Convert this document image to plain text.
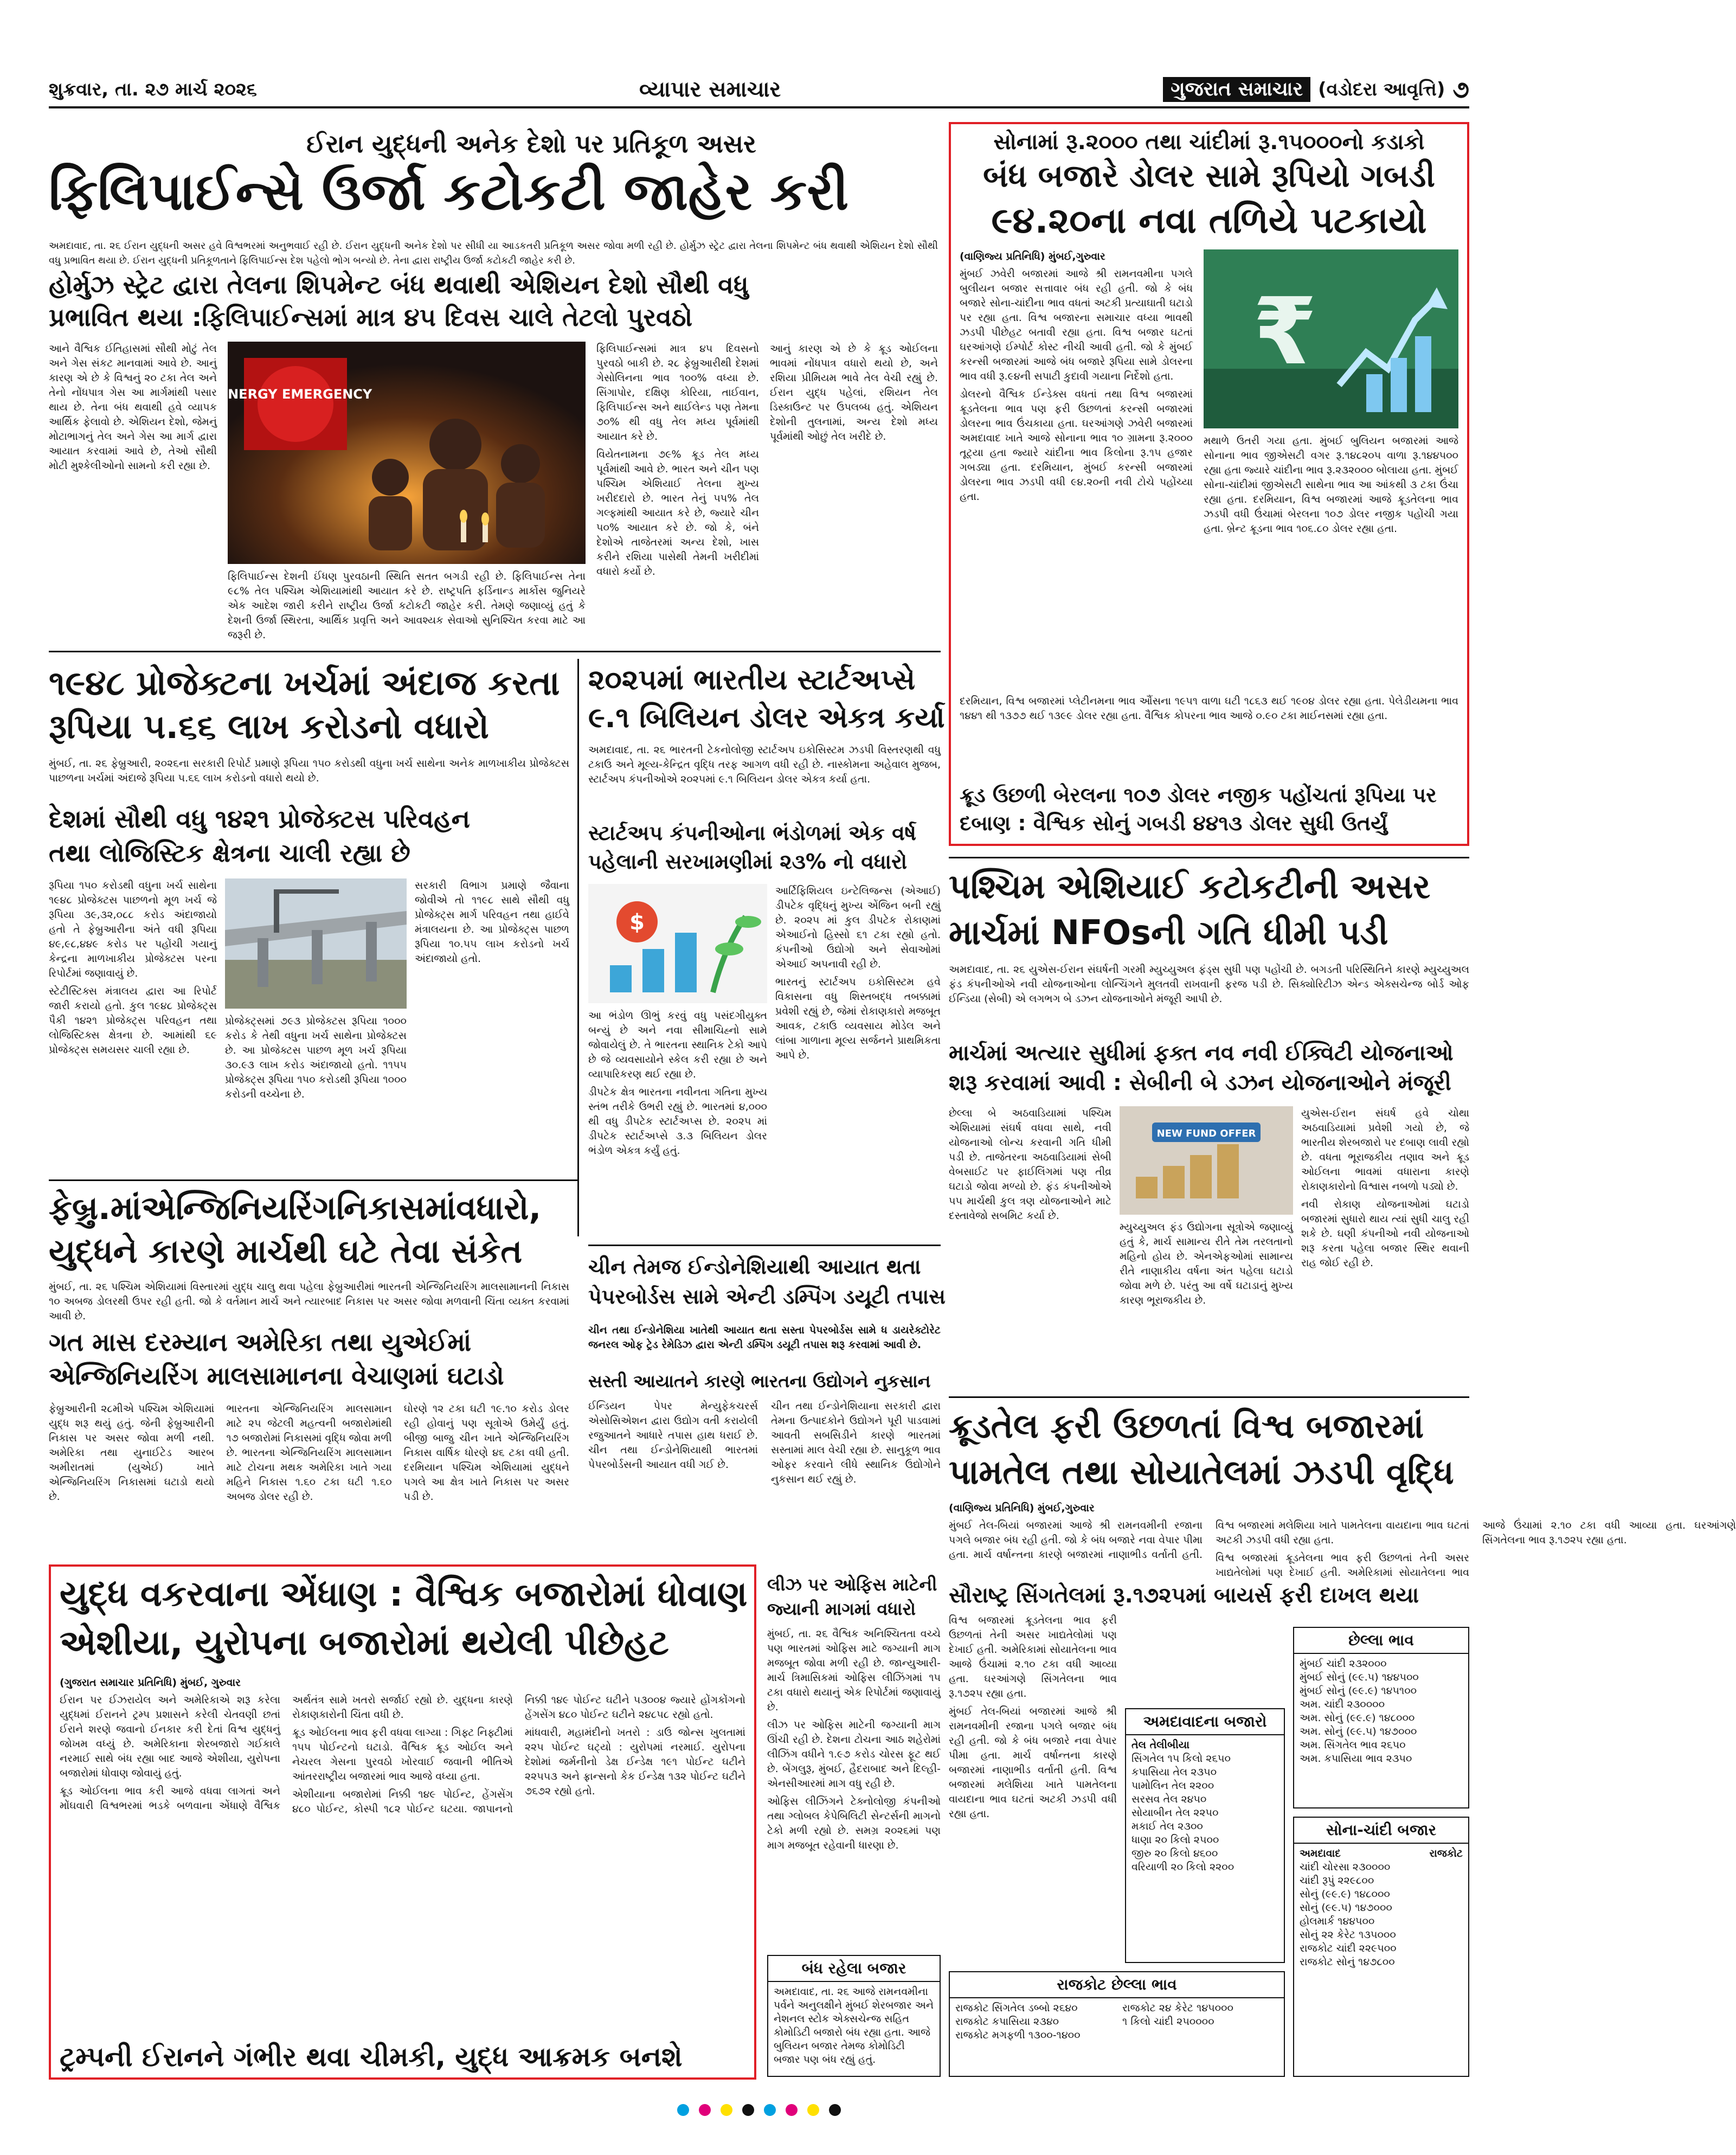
શુક્રવાર, તા. ૨૭ માર્ચ ૨૦૨૬	વ્યાપાર સમાચાર	ગુજરાત સમાચાર (વડોદરા આવૃત્તિ) ૭
ઈરાન યુદ્ધની અનેક દેશો પર પ્રતિકૂળ અસર
ફિલિપાઈન્સે ઉર્જા કટોકટી જાહેર કરી
અમદાવાદ, તા. ૨૬ ઈરાન યુદ્ધની અસર હવે વિશ્વભરમાં અનુભવાઈ રહી છે. ઈરાન યુદ્ધની અનેક દેશો પર સીધી યા આડકતરી પ્રતિકૂળ અસર જોવા મળી રહી છે. હોર્મુઝ સ્ટ્રેટ દ્વારા તેલના શિપમેન્ટ બંધ થવાથી એશિયન દેશો સૌથી વધુ પ્રભાવિત થયા છે. ઈરાન યુદ્ધની પ્રતિકૂળતાને ફિલિપાઈન્સ દેશ પહેલો ભોગ બન્યો છે. તેના દ્વારા રાષ્ટ્રીય ઉર્જા કટોકટી જાહેર કરી છે.
હોર્મુઝ સ્ટ્રેટ દ્વારા તેલના શિપમેન્ટ બંધ થવાથી એશિયન દેશો સૌથી વધુ
પ્રભાવિત થયા :ફિલિપાઈન્સમાં માત્ર ૪૫ દિવસ ચાલે તેટલો પુરવઠો

આને વૈશ્વિક ઈતિહાસમાં સૌથી મોટું તેલ અને ગેસ સંકટ માનવામાં આવે છે. આનું કારણ એ છે કે વિશ્વનું ૨૦ ટકા તેલ અને તેનો નોંધપાત્ર ગેસ આ માર્ગમાંથી પસાર થાય છે. તેના બંધ થવાથી હવે વ્યાપક આર્થિક ફેલાવો છે. એશિયન દેશો, જેમનું મોટાભાગનું તેલ અને ગેસ આ માર્ગ દ્વારા આયાત કરવામાં આવે છે, તેઓ સૌથી મોટી મુશ્કેલીઓનો સામનો કરી રહ્યા છે.

ENERGY EMERGENCY

ફિલિપાઈન્સ દેશની ઈંધણ પુરવઠાની સ્થિતિ સતત બગડી રહી છે. ફિલિપાઈન્સ તેના ૯૮% તેલ પશ્ચિમ એશિયામાંથી આયાત કરે છે. રાષ્ટ્રપતિ ફર્ડિનાન્ડ માર્કોસ જુનિયરે એક આદેશ જારી કરીને રાષ્ટ્રીય ઉર્જા કટોકટી જાહેર કરી. તેમણે જણાવ્યું હતું કે દેશની ઉર્જા સ્થિરતા, આર્થિક પ્રવૃત્તિ અને આવશ્યક સેવાઓ સુનિશ્ચિત કરવા માટે આ જરૂરી છે.

ફિલિપાઈન્સમાં માત્ર ૪૫ દિવસનો પુરવઠો બાકી છે. ૨૮ ફેબ્રુઆરીથી દેશમાં ગેસોલિનના ભાવ ૧૦૦% વધ્યા છે. સિંગાપોર, દક્ષિણ કોરિયા, તાઈવાન, ફિલિપાઈન્સ અને થાઈલેન્ડ પણ તેમના ૭૦% થી વધુ તેલ મધ્ય પૂર્વમાંથી આયાત કરે છે.

વિયેતનામના ૭૯% ક્રૂડ તેલ મધ્ય પૂર્વમાંથી આવે છે. ભારત અને ચીન પણ પશ્ચિમ એશિયાઈ તેલના મુખ્ય ખરીદદારો છે. ભારત તેનું ૫૫% તેલ ગલ્ફમાંથી આયાત કરે છે, જ્યારે ચીન ૫૦% આયાત કરે છે. જો કે, બંને દેશોએ તાજેતરમાં અન્ય દેશો, ખાસ કરીને રશિયા પાસેથી તેમની ખરીદીમાં વધારો કર્યો છે.

આનું કારણ એ છે કે ક્રૂડ ઓઈલના ભાવમાં નોંધપાત્ર વધારો થયો છે, અને રશિયા પ્રીમિયમ ભાવે તેલ વેચી રહ્યું છે. ઈરાન યુદ્ધ પહેલાં, રશિયન તેલ ડિસ્કાઉન્ટ પર ઉપલબ્ધ હતું. એશિયન દેશોની તુલનામાં, અન્ય દેશો મધ્ય પૂર્વમાંથી ઓછું તેલ ખરીદે છે.

સોનામાં રૂ.૨૦૦૦ તથા ચાંદીમાં રૂ.૧૫૦૦૦નો કડાકો
બંધ બજારે ડોલર સામે રૂપિયો ગબડી
૯૪.૨૦ના નવા તળિયે પટકાયો
(વાણિજ્ય પ્રતિનિધિ) મુંબઈ,ગુરુવાર

મુંબઈ ઝવેરી બજારમાં આજે શ્રી રામનવમીના પગલે બુલીયન બજાર સત્તાવાર બંધ રહી હતી. જો કે બંધ બજારે સોના-ચાંદીના ભાવ વધતાં અટકી પ્રત્યાઘાતી ઘટાડો પર રહ્યા હતા. વિશ્વ બજારના સમાચાર વધ્યા ભાવથી ઝડપી પીછેહટ બતાવી રહ્યા હતા. વિશ્વ બજાર ઘટતાં ઘરઆંગણે ઈમ્પોર્ટ કોસ્ટ નીચી આવી હતી. જો કે મુંબઈ કરન્સી બજારમાં આજે બંધ બજારે રૂપિયા સામે ડોલરના ભાવ વધી રૂ.૯૪ની સપાટી કુદાવી ગયાના નિર્દેશો હતા.

ડોલરનો વૈશ્વિક ઈન્ડેક્સ વધતાં તથા વિશ્વ બજારમાં ક્રૂડતેલના ભાવ પણ ફરી ઉછળતાં કરન્સી બજારમાં ડોલરના ભાવ ઉંચકાયા હતા. ઘરઆંગણે ઝવેરી બજારમાં અમદાવાદ ખાતે આજે સોનાના ભાવ ૧૦ ગ્રામના રૂ.૨૦૦૦ તૂટ્યા હતા જ્યારે ચાંદીના ભાવ કિલોના રૂ.૧૫ હજાર ગબડ્યા હતા. દરમિયાન, મુંબઈ કરન્સી બજારમાં ડોલરના ભાવ ઝડપી વધી ૯૪.૨૦ની નવી ટોચે પહોંચ્યા હતા.

₹

મથાળે ઉતરી ગયા હતા. મુંબઈ બુલિયન બજારમાં આજે સોનાના ભાવ જીએસટી વગર રૂ.૧૪૮૨૦૫ વાળા રૂ.૧૪૪૫૦૦ રહ્યા હતા જ્યારે ચાંદીના ભાવ રૂ.૨૩૨૦૦૦ બોલાયા હતા. મુંબઈ સોના-ચાંદીમાં જીએસટી સાથેના ભાવ આ આંકથી ૩ ટકા ઉંચા રહ્યા હતા. દરમિયાન, વિશ્વ બજારમાં આજે ક્રૂડતેલના ભાવ ઝડપી વધી ઉંચામાં બેરલના ૧૦૭ ડોલર નજીક પહોંચી ગયા હતા. બ્રેન્ટ ક્રૂડના ભાવ ૧૦૬.૮૦ ડોલર રહ્યા હતા.

દરમિયાન, વિશ્વ બજારમાં પ્લેટીનમના ભાવ ઔંસના ૧૯૫૧ વાળા ઘટી ૧૮૬૩ થઈ ૧૯૦૪ ડોલર રહ્યા હતા. પેલેડીયમના ભાવ ૧૪૪૧ થી ૧૩૭૭ થઈ ૧૩૯૯ ડોલર રહ્યા હતા. વૈશ્વિક કોપરના ભાવ આજે ૦.૯૦ ટકા માઈનસમાં રહ્યા હતા.

ક્રૂડ ઉછળી બેરલના ૧૦૭ ડોલર નજીક પહોંચતાં રૂપિયા પર
દબાણ : વૈશ્વિક સોનું ગબડી ૪૪૧૩ ડોલર સુધી ઉતર્યું
૧૯૪૮ પ્રોજેક્ટના ખર્ચમાં અંદાજ કરતા
રૂપિયા ૫.૬૬ લાખ કરોડનો વધારો
મુંબઈ, તા. ૨૬ ફેબ્રુઆરી, ૨૦૨૬ના સરકારી રિપોર્ટ પ્રમાણે રૂપિયા ૧૫૦ કરોડથી વધુના ખર્ચ સાથેના અનેક માળખાકીય પ્રોજેક્ટસ પાછળના ખર્ચમાં અંદાજે રૂપિયા ૫.૬૬ લાખ કરોડનો વધારો થયો છે.
દેશમાં સૌથી વધુ ૧૪૨૧ પ્રોજેક્ટસ પરિવહન
તથા લોજિસ્ટિક ક્ષેત્રના ચાલી રહ્યા છે

રૂપિયા ૧૫૦ કરોડથી વધુના ખર્ચ સાથેના ૧૯૪૮ પ્રોજેક્ટસ પાછળનો મૂળ ખર્ચ જે રૂપિયા ૩૯,૩૨,૦૮૮ કરોડ અંદાજાયો હતો તે ફેબ્રુઆરીના અંતે વધી રૂપિયા ૪૯,૯૮,૪૪૯ કરોડ પર પહોંચી ગયાનું કેન્દ્રના માળખાકીય પ્રોજેક્ટસ પરના રિપોર્ટમાં જણાવાયું છે.

સ્ટેટીસ્ટિક્સ મંત્રાલય દ્વારા આ રિપોર્ટ જારી કરાયો હતો. કુલ ૧૯૪૮ પ્રોજેક્ટ્સ પૈકી ૧૪૨૧ પ્રોજેક્ટ્સ પરિવહન તથા લોજિસ્ટિક્સ ક્ષેત્રના છે. આમાંથી ૬૯ પ્રોજેક્ટ્સ સમયસર ચાલી રહ્યા છે.

પ્રોજેક્ટ્સમાં ૭૯૩ પ્રોજેક્ટસ રૂપિયા ૧૦૦૦ કરોડ કે તેથી વધુના ખર્ચ સાથેના પ્રોજેક્ટસ છે. આ પ્રોજેક્ટસ પાછળ મૂળ ખર્ચ રૂપિયા ૩૦.૯૩ લાખ કરોડ અંદાજાયો હતો. ૧૧૫૫ પ્રોજેક્ટ્સ રૂપિયા ૧૫૦ કરોડથી રૂપિયા ૧૦૦૦ કરોડની વચ્ચેના છે.

સરકારી વિભાગ પ્રમાણે જૈવાના જોવીએ તો ૧૧૯૮ સાથે સૌથી વધુ પ્રોજેક્ટ્સ માર્ગ પરિવહન તથા હાઈવે મંત્રાલયના છે. આ પ્રોજેક્ટ્સ પાછળ રૂપિયા ૧૦.૫૫ લાખ કરોડનો ખર્ચ અંદાજાયો હતો.

૨૦૨૫માં ભારતીય સ્ટાર્ટઅપ્સે
૯.૧ બિલિયન ડોલર એકત્ર કર્યા
અમદાવાદ, તા. ૨૬ ભારતની ટેકનોલોજી સ્ટાર્ટઅપ ઇકોસિસ્ટમ ઝડપી વિસ્તરણથી વધુ ટકાઉ અને મૂલ્ય-કેન્દ્રિત વૃદ્ધિ તરફ આગળ વધી રહી છે. નાસ્કોમના અહેવાલ મુજબ, સ્ટાર્ટઅપ કંપનીઓએ ૨૦૨૫માં ૯.૧ બિલિયન ડોલર એકત્ર કર્યા હતા.
સ્ટાર્ટઅપ કંપનીઓના ભંડોળમાં એક વર્ષ
પહેલાની સરખામણીમાં ૨૩% નો વધારો
$

આ ભંડોળ ઊભું કરવું વધુ પસંદગીયુક્ત બન્યું છે અને નવા સીમાચિહ્નો સામે જોવાયેલું છે. તે ભારતના સ્થાનિક ટેકો આપે છે જે વ્યવસાયોને સ્કેલ કરી રહ્યા છે અને વ્યાપારિકરણ થઈ રહ્યા છે.

ડીપટેક ક્ષેત્ર ભારતના નવીનતા ગતિના મુખ્ય સ્તંભ તરીકે ઉભરી રહ્યું છે. ભારતમાં ૪,૦૦૦ થી વધુ ડીપટેક સ્ટાર્ટઅપ્સ છે. ૨૦૨૫ માં ડીપટેક સ્ટાર્ટઅપ્સે ૩.૩ બિલિયન ડોલર ભંડોળ એકત્ર કર્યું હતું.

આર્ટિફિશિયલ ઇન્ટેલિજન્સ (એઆઈ) ડીપટેક વૃદ્ધિનું મુખ્ય એંજિન બની રહ્યું છે. ૨૦૨૫ માં કુલ ડીપટેક રોકાણમાં એઆઈનો હિસ્સો ૬૧ ટકા રહ્યો હતો. કંપનીઓ ઉદ્યોગો અને સેવાઓમાં એઆઈ અપનાવી રહી છે.

ભારતનું સ્ટાર્ટઅપ ઇકોસિસ્ટમ હવે વિકાસના વધુ શિસ્તબદ્ધ તબક્કામાં પ્રવેશી રહ્યું છે, જેમાં રોકાણકારો મજબૂત આવક, ટકાઉ વ્યવસાય મોડેલ અને લાંબા ગાળાના મૂલ્ય સર્જનને પ્રાથમિકતા આપે છે.

પશ્ચિમ એશિયાઈ કટોકટીની અસર
માર્ચમાં NFOsની ગતિ ધીમી પડી
અમદાવાદ, તા. ૨૬ યુએસ-ઈરાન સંઘર્ષની ગરમી મ્યુચ્યુઅલ ફંડ્સ સુધી પણ પહોંચી છે. બગડતી પરિસ્થિતિને કારણે મ્યુચ્યુઅલ ફંડ કંપનીઓએ નવી યોજનાઓના લોન્ચિંગને મુલતવી રાખવાની ફરજ પડી છે. સિક્યોરિટીઝ એન્ડ એક્સચેન્જ બોર્ડ ઓફ ઈન્ડિયા (સેબી) એ લગભગ બે ડઝન યોજનાઓને મંજૂરી આપી છે.
માર્ચમાં અત્યાર સુધીમાં ફક્ત નવ નવી ઈક્વિટી યોજનાઓ
શરૂ કરવામાં આવી : સેબીની બે ડઝન યોજનાઓને મંજૂરી

છેલ્લા બે અઠવાડિયામાં પશ્ચિમ એશિયામાં સંઘર્ષ વધવા સાથે, નવી યોજનાઓ લોન્ચ કરવાની ગતિ ધીમી પડી છે. તાજેતરના અઠવાડિયામાં સેબી વેબસાઈટ પર ફાઈલિંગમાં પણ તીવ્ર ઘટાડો જોવા મળ્યો છે. ફંડ કંપનીઓએ ૫૫ માર્ચથી કુલ ત્રણ યોજનાઓને માટે દસ્તાવેજો સબમિટ કર્યા છે.

NEW FUND OFFER

મ્યુચ્યુઅલ ફંડ ઉદ્યોગના સૂત્રોએ જણાવ્યું હતું કે, માર્ચ સામાન્ય રીતે તેમ તરલતાનો મહિનો હોય છે. એનએફઓમાં સામાન્ય રીતે નાણાકીય વર્ષના અંત પહેલા ઘટાડો જોવા મળે છે. પરંતુ આ વર્ષે ઘટાડાનું મુખ્ય કારણ ભૂરાજકીય છે.

યુએસ-ઈરાન સંઘર્ષ હવે ચોથા અઠવાડિયામાં પ્રવેશી ગયો છે, જે ભારતીય શેરબજારો પર દબાણ લાવી રહ્યો છે. વધતા ભૂરાજકીય તણાવ અને ક્રૂડ ઓઈલના ભાવમાં વધારાના કારણે રોકાણકારોનો વિશ્વાસ નબળો પડ્યો છે.

નવી રોકાણ યોજનાઓમાં ઘટાડો બજારમાં સુધારો થાય ત્યાં સુધી ચાલુ રહી શકે છે. ઘણી કંપનીઓ નવી યોજનાઓ શરૂ કરતા પહેલા બજાર સ્થિર થવાની રાહ જોઈ રહી છે.

ફેબ્રુ.માંએન્જિનિયરિંગનિકાસમાંવધારો,
યુદ્ધને કારણે માર્ચથી ઘટે તેવા સંકેત
મુંબઈ, તા. ૨૬ પશ્ચિમ એશિયામાં વિસ્તારમાં યુદ્ધ ચાલુ થવા પહેલા ફેબ્રુઆરીમાં ભારતની એન્જિનિયરિંગ માલસામાનની નિકાસ ૧૦ અબજ ડોલરથી ઉપર રહી હતી. જો કે વર્તમાન માર્ચ અને ત્યારબાદ નિકાસ પર અસર જોવા મળવાની ચિંતા વ્યક્ત કરવામાં આવી છે.
ગત માસ દરમ્યાન અમેરિકા તથા યુએઈમાં
એન્જિનિયરિંગ માલસામાનના વેચાણમાં ઘટાડો

ફેબ્રુઆરીની ૨૮મીએ પશ્ચિમ એશિયામાં યુદ્ધ શરૂ થયું હતું. જેની ફેબ્રુઆરીની નિકાસ પર અસર જોવા મળી નથી. અમેરિકા તથા યુનાઈટેડ આરબ અમીરાતમાં (યુએઈ) ખાતે એન્જિનિયરિંગ નિકાસમાં ઘટાડો થયો છે.

ભારતના એન્જિનિયરિંગ માલસામાન માટે ૨૫ જેટલી મહત્વની બજારોમાંથી ૧૭ બજારોમાં નિકાસમાં વૃદ્ધિ જોવા મળી છે. ભારતના એન્જિનિયરિંગ માલસામાન માટે ટોચના મથક અમેરિકા ખાતે ગયા મહિને નિકાસ ૧.૬૦ ટકા ઘટી ૧.૬૦ અબજ ડોલર રહી છે.

ઘોરણે ૧૨ ટકા ઘટી ૧૯.૧૦ કરોડ ડોલર રહી હોવાનું પણ સૂત્રોએ ઉમેર્યું હતું. બીજી બાજુ ચીન ખાતે એન્જિનિયરિંગ નિકાસ વાર્ષિક ધોરણે ૪૬ ટકા વધી હતી. દરમિયાન પશ્ચિમ એશિયામાં યુદ્ધને પગલે આ ક્ષેત્ર ખાતે નિકાસ પર અસર પડી છે.

ચીન તેમજ ઈન્ડોનેશિયાથી આયાત થતા
પેપરબોર્ડસ સામે એન્ટી ડમ્પિંગ ડયૂટી તપાસ
ચીન તથા ઈન્ડોનેશિયા ખાતેથી આયાત થતા સસ્તા પેપરબોર્ડસ સામે ધ ડાયરેક્ટોરેટ જનરલ ઓફ ટ્રેડ રેમેડિઝ દ્વારા એન્ટી ડમ્પિંગ ડયૂટી તપાસ શરૂ કરવામાં આવી છે.
સસ્તી આયાતને કારણે ભારતના ઉદ્યોગને નુકસાન

ઈન્ડિયન પેપર મેન્યુફેકચરર્સ એસોસિએશન દ્વારા ઉદ્યોગ વતી કરાયેલી રજુઆતને આધારે તપાસ હાથ ધરાઈ છે. ચીન તથા ઈન્ડોનેશિયાથી ભારતમાં પેપરબોર્ડસની આયાત વધી ગઈ છે.

ચીન તથા ઈન્ડોનેશિયાના સરકારી દ્વારા તેમના ઉત્પાદકોને ઉદ્યોગને પૂરી પાડવામાં આવતી સબસિડીને કારણે ભારતમાં સસ્તામાં માલ વેચી રહ્યા છે. સાનુકૂળ ભાવ ઓફર કરવાને લીધે સ્થાનિક ઉદ્યોગોને નુકસાન થઈ રહ્યું છે.

ક્રૂડતેલ ફરી ઉછળતાં વિશ્વ બજારમાં
પામતેલ તથા સોયાતેલમાં ઝડપી વૃદ્ધિ
(વાણિજ્ય પ્રતિનિધિ) મુંબઈ,ગુરુવાર

મુંબઈ તેલ-બિયાં બજારમાં આજે શ્રી રામનવમીની રજાના પગલે બજાર બંધ રહી હતી. જો કે બંધ બજારે નવા વેપાર પીમા હતા. માર્ચ વર્ષાન્તના કારણે બજારમાં નાણાભીડ વર્તાતી હતી. વિશ્વ બજારમાં મલેશિયા ખાતે પામતેલના વાયદાના ભાવ ઘટતાં અટકી ઝડપી વધી રહ્યા હતા.

વિશ્વ બજારમાં ક્રૂડતેલના ભાવ ફરી ઉછળતાં તેની અસર ખાદ્યતેલોમાં પણ દેખાઈ હતી. અમેરિકામાં સોયાતેલના ભાવ આજે ઉંચામાં ૨.૧૦ ટકા વધી આવ્યા હતા. ઘરઆંગણે સિંગતેલના ભાવ રૂ.૧૭૨૫ રહ્યા હતા.

સૌરાષ્ટ્ર સિંગતેલમાં રૂ.૧૭૨૫માં બાયર્સ ફરી દાખલ થયા
યુદ્ધ વકરવાના એંધાણ : વૈશ્વિક બજારોમાં ધોવાણ
એશીયા, યુરોપના બજારોમાં થયેલી પીછેહટ
(ગુજરાત સમાચાર પ્રતિનિધિ) મુંબઈ, ગુરુવાર

ઈરાન પર ઈઝરાયેલ અને અમેરિકાએ શરૂ કરેલા યુદ્ધમાં ઈરાનને ટ્રમ્પ પ્રશાસને કરેલી ચેતવણી છતાં ઈરાને શરણે જવાનો ઈનકાર કરી દેતાં વિશ્વ યુદ્ધનું જોખમ વધ્યું છે. અમેરિકાના શેરબજારો ગઈકાલે નરમાઈ સાથે બંધ રહ્યા બાદ આજે એશીયા, યુરોપના બજારોમાં ધોવાણ જોવાયું હતું.

ક્રૂડ ઓઈલના ભાવ કરી આજે વધવા લાગતાં અને મોંઘવારી વિશ્વભરમાં ભડકે બળવાના એંધાણે વૈશ્વિક અર્થતંત્ર સામે ખતરો સર્જાઈ રહ્યો છે. યુદ્ધના કારણે રોકાણકારોની ચિંતા વધી છે.

ક્રૂડ ઓઈલના ભાવ ફરી વધવા લાગ્યા : ગિફ્ટ નિફ્ટીમાં ૧૫૫ પોઈન્ટનો ઘટાડો. વૈશ્વિક ક્રૂડ ઓઈલ અને નેચરલ ગેસના પુરવઠો ખોરવાઈ જવાની ભીતિએ આંતરરાષ્ટ્રીય બજારમાં ભાવ આજે વધ્યા હતા.

એશીયાના બજારોમાં નિક્કી ૧૪૯ પોઈન્ટ, હેંગસેંગ ૪૮૦ પોઈન્ટ, કોસ્પી ૧૮૨ પોઈન્ટ ઘટયા. જાપાનનો નિક્કી ૧૪૯ પોઈન્ટ ઘટીને ૫૩૦૦૪ જ્યારે હોંગકોંગનો હેંગસેંગ ૪૮૦ પોઈન્ટ ઘટીને ૨૪૮૫૮ રહ્યો હતો.

માંધવારી, મહામંદીનો ખતરો : ડાઉ જોન્સ ખુલતામાં ૨૨૫ પોઈન્ટ ઘટ્યો : યુરોપમાં નરમાઈ. યુરોપના દેશોમાં જર્મનીનો ડેક્ષ ઈન્ડેક્ષ ૧૯૧ પોઈન્ટ ઘટીને ૨૨૫૫૩ અને ફ્રાન્સનો કેક ઈન્ડેક્ષ ૧૩૨ પોઈન્ટ ઘટીને ૭૬૭૨ રહ્યો હતો.

ટ્રમ્પની ઈરાનને ગંભીર થવા ચીમકી, યુદ્ધ આક્રમક બનશે
લીઝ પર ઓફિસ માટેની
જ્યાની માગમાં વધારો

મુંબઈ, તા. ૨૬ વૈશ્વિક અનિશ્ચિતતા વચ્ચે પણ ભારતમાં ઓફિસ માટે જગ્યાની માગ મજબૂત જોવા મળી રહી છે. જાન્યુઆરી-માર્ચ ત્રિમાસિકમાં ઓફિસ લીઝિંગમાં ૧૫ ટકા વધારો થયાનું એક રિપોર્ટમાં જણાવાયું છે.

લીઝ પર ઓફિસ માટેની જગ્યાની માગ ઊંચી રહી છે. દેશના ટોચના આઠ શહેરોમાં લીઝિંગ વધીને ૧.૯૭ કરોડ ચોરસ ફૂટ થઈ છે. બેંગલુરૂ, મુંબઈ, હૈદરાબાદ અને દિલ્હી-એનસીઆરમાં માગ વધુ રહી છે.

ઓફિસ લીઝિંગને ટેક્નોલોજી કંપનીઓ તથા ગ્લોબલ કેપેબિલિટી સેન્ટર્સની માગનો ટેકો મળી રહ્યો છે. સમગ્ર ૨૦૨૬માં પણ માગ મજબૂત રહેવાની ધારણા છે.

વિશ્વ બજારમાં ક્રૂડતેલના ભાવ ફરી ઉછળતાં તેની અસર ખાદ્યતેલોમાં પણ દેખાઈ હતી. અમેરિકામાં સોયાતેલના ભાવ આજે ઉંચામાં ૨.૧૦ ટકા વધી આવ્યા હતા. ઘરઆંગણે સિંગતેલના ભાવ રૂ.૧૭૨૫ રહ્યા હતા.

મુંબઈ તેલ-બિયાં બજારમાં આજે શ્રી રામનવમીની રજાના પગલે બજાર બંધ રહી હતી. જો કે બંધ બજારે નવા વેપાર પીમા હતા. માર્ચ વર્ષાન્તના કારણે બજારમાં નાણાભીડ વર્તાતી હતી. વિશ્વ બજારમાં મલેશિયા ખાતે પામતેલના વાયદાના ભાવ ઘટતાં અટકી ઝડપી વધી રહ્યા હતા.

અમદાવાદના બજારો
તેલ તેલીબીયા
સિંગતેલ ૧૫ કિલો ૨૬૫૦
કપાસિયા તેલ ૨૩૫૦
પામોલિન તેલ ૨૨૦૦
સરસવ તેલ ૨૪૫૦
સોયાબીન તેલ ૨૨૫૦
મકાઈ તેલ ૨૩૦૦
ધાણા ૨૦ કિલો ૨૫૦૦
જીરુ ૨૦ કિલો ૪૬૦૦
વરિયાળી ૨૦ કિલો ૨૨૦૦
છેલ્લા ભાવ
મુંબઈ ચાંદી ૨૩૨૦૦૦
મુંબઈ સોનું (૯૯.૫) ૧૪૪૫૦૦
મુંબઈ સોનું (૯૯.૯) ૧૪૫૧૦૦
અમ. ચાંદી ૨૩૦૦૦૦
અમ. સોનું (૯૯.૯) ૧૪૮૦૦૦
અમ. સોનું (૯૯.૫) ૧૪૭૦૦૦
અમ. સિંગતેલ ભાવ ૨૬૫૦
અમ. કપાસિયા ભાવ ૨૩૫૦
સોના-ચાંદી બજાર
અમદાવાદ	રાજકોટ
ચાંદી ચોરસા ૨૩૦૦૦૦
ચાંદી રૂપું ૨૨૯૮૦૦
સોનું (૯૯.૯) ૧૪૮૦૦૦
સોનું (૯૯.૫) ૧૪૭૦૦૦
હોલમાર્ક ૧૪૪૫૦૦
સોનું ૨૨ કેરેટ ૧૩૫૦૦૦
રાજકોટ ચાંદી ૨૨૯૫૦૦
રાજકોટ સોનું ૧૪૭૮૦૦
બંધ રહેલા બજાર
અમદાવાદ, તા. ૨૬ આજે રામનવમીના પર્વને અનુલક્ષીને મુંબઈ શેરબજાર અને નેશનલ સ્ટોક એક્સચેન્જ સહિત કોમોડિટી બજારો બંધ રહ્યા હતા. આજે બુલિયન બજાર તેમજ કોમોડિટી બજાર પણ બંધ રહ્યું હતું.
રાજકોટ છેલ્લા ભાવ
રાજકોટ સિંગતેલ ડબ્બો ૨૬૪૦
રાજકોટ કપાસિયા ૨૩૪૦
રાજકોટ મગફળી ૧૩૦૦-૧૪૦૦
રાજકોટ ૨૪ કેરેટ ૧૪૫૦૦૦
૧ કિલો ચાંદી ૨૫૦૦૦૦
